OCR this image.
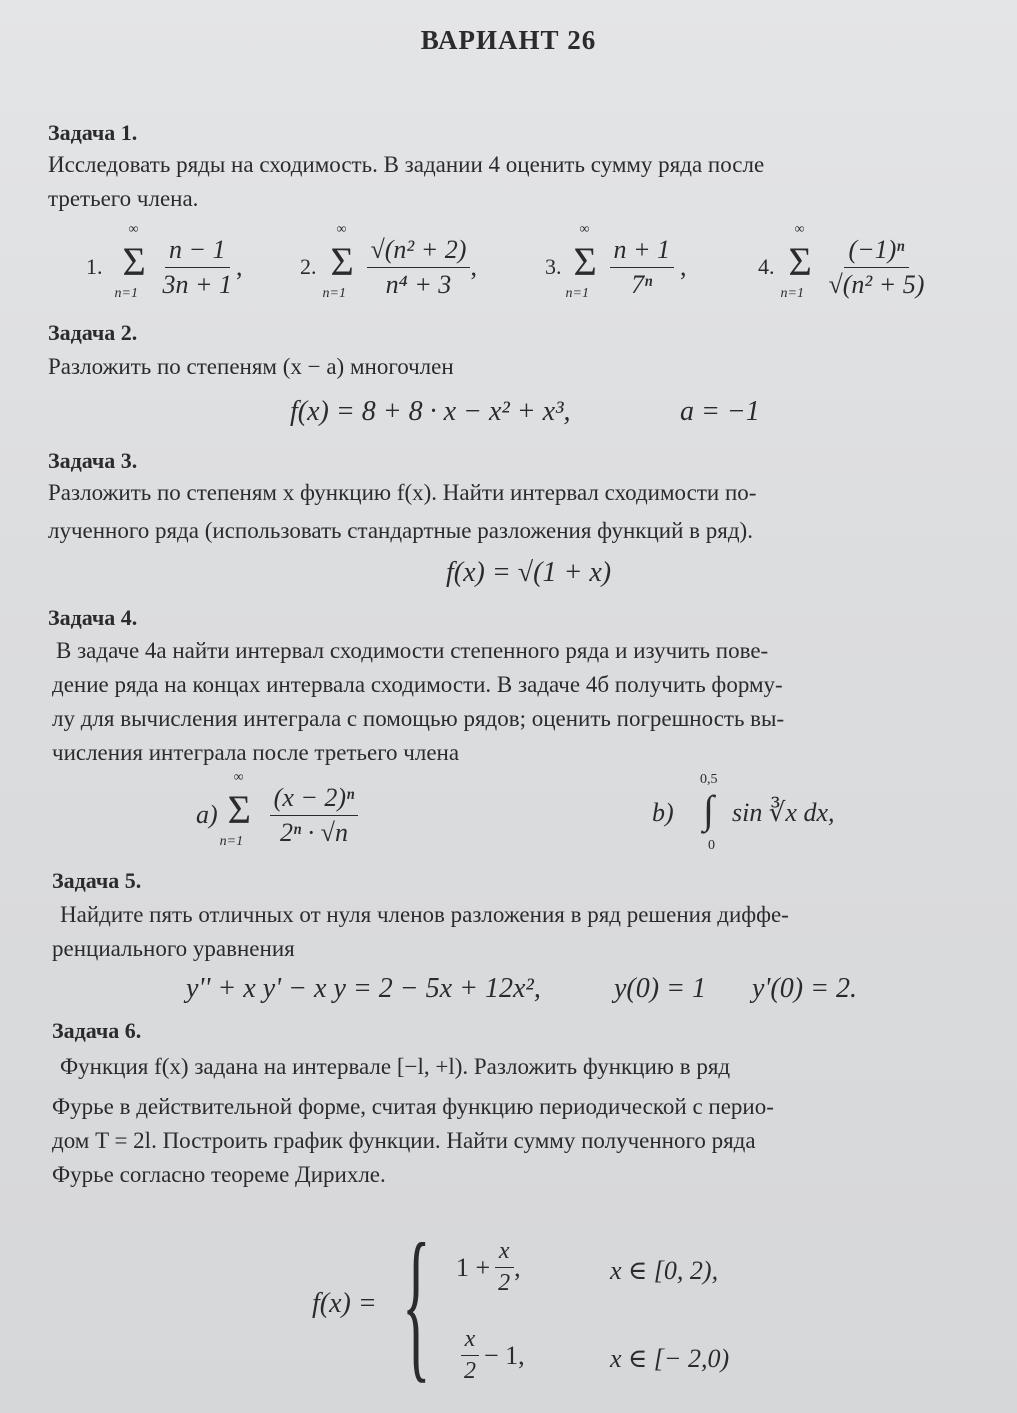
ВАРИАНТ 26
Задача 1.
Исследовать ряды на сходимость. В задании 4 оценить сумму ряда после
третьего члена.
1.
∞
Σ
$n=1 \frac{n - 1}{3n + 1}$ ,	2.
∞
Σ
$n=1 \frac{\text{√(n² + 2)}}{\text{n⁴ + 3}}$ ,	3.
∞
Σ
$n=1 \frac{n + 1}{\text{7ⁿ}}$ ,	4.
∞
Σ
$n=1 \frac{\text{(−1)ⁿ}}{\text{√(n² + 5)}}$
Задача 2.
Разложить по степеням (x − a) многочлен
f(x) = 8 + 8 · x − x² + x³,	a = −1
Задача 3.
Разложить по степеням x функцию f(x). Найти интервал сходимости по-
лученного ряда (использовать стандартные разложения функций в ряд).
f(x) = √(1 + x)
Задача 4.
В задаче 4а найти интервал сходимости степенного ряда и изучить пове-
дение ряда на концах интервала сходимости. В задаче 4б получить форму-
лу для вычисления интеграла с помощью рядов; оценить погрешность вы-
числения интеграла после третьего члена
a)
∞
Σ
$n=1 \frac{\text{(x − 2)ⁿ}}{\text{2ⁿ · √n}}$	b)
0,5
∫
0
sin ∛x dx,
Задача 5.
Найдите пять отличных от нуля членов разложения в ряд решения диффе-
ренциального уравнения
y'' + x y' − x y = 2 − 5x + 12x²,	y(0) = 1 y'(0) = 2.
Задача 6.
Функция f(x) задана на интервале [−l, +l). Разложить функцию в ряд
Фурье в действительной форме, считая функцию периодической с перио-
дом T = 2l. Построить график функции. Найти сумму полученного ряда
Фурье согласно теореме Дирихле.
f(x) = { $1 + \frac{x}{2}$ ,	x ∈ [0, 2),
$\frac{x}{2} - 1$,	x ∈ [− 2,0)
